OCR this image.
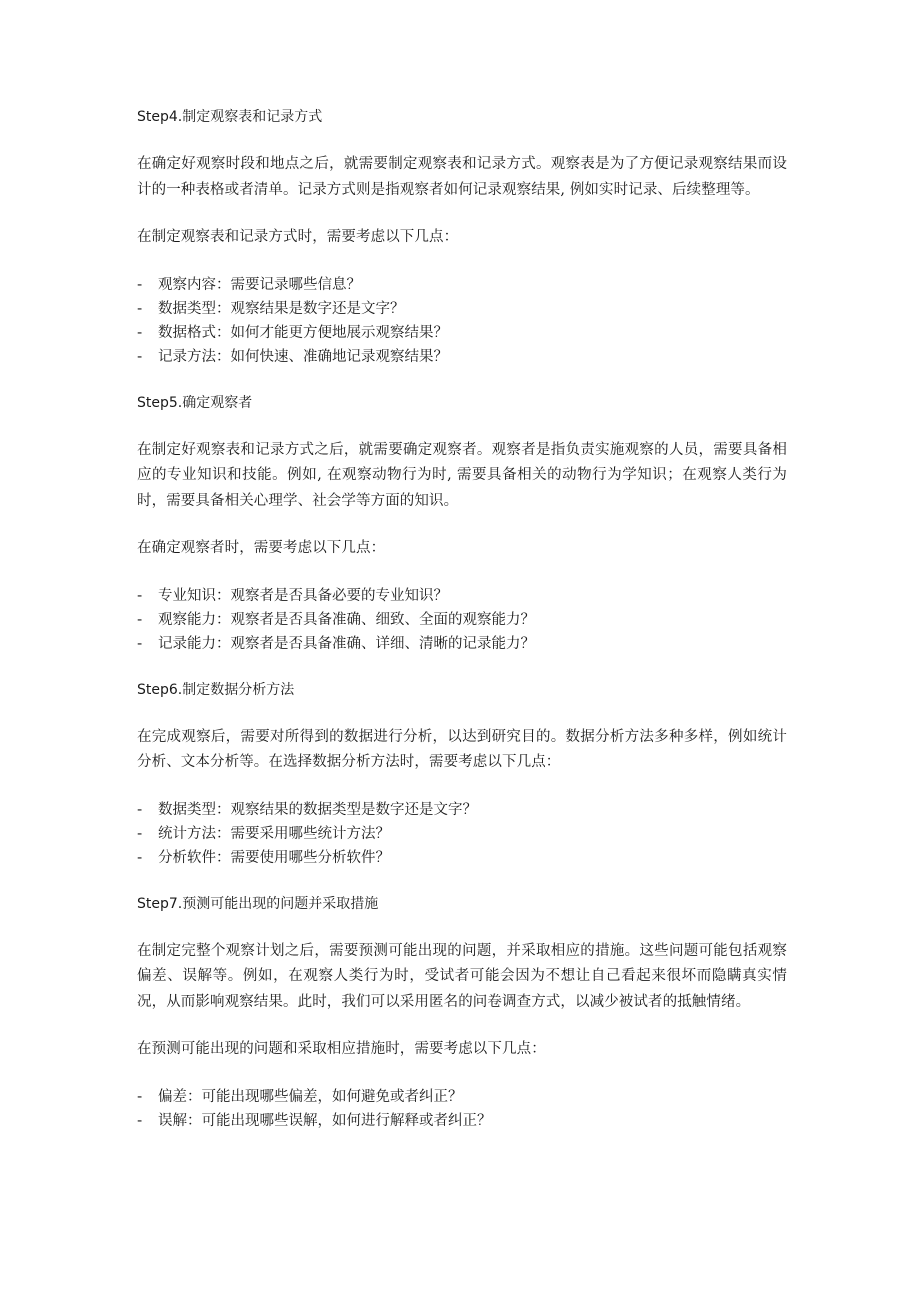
Step4.制定观察表和记录方式

在确定好观察时段和地点之后，就需要制定观察表和记录方式。观察表是为了方便记录观察结果而设计的一种表格或者清单。记录方式则是指观察者如何记录观察结果, 例如实时记录、后续整理等。

在制定观察表和记录方式时，需要考虑以下几点：

-	观察内容：需要记录哪些信息？
-	数据类型：观察结果是数字还是文字？
-	数据格式：如何才能更方便地展示观察结果？
-	记录方法：如何快速、准确地记录观察结果？
Step5.确定观察者

在制定好观察表和记录方式之后，就需要确定观察者。观察者是指负责实施观察的人员，需要具备相应的专业知识和技能。例如, 在观察动物行为时, 需要具备相关的动物行为学知识；在观察人类行为时，需要具备相关心理学、社会学等方面的知识。

在确定观察者时，需要考虑以下几点：

-	专业知识：观察者是否具备必要的专业知识？
-	观察能力：观察者是否具备准确、细致、全面的观察能力？
-	记录能力：观察者是否具备准确、详细、清晰的记录能力？
Step6.制定数据分析方法

在完成观察后，需要对所得到的数据进行分析，以达到研究目的。数据分析方法多种多样，例如统计分析、文本分析等。在选择数据分析方法时，需要考虑以下几点：

-	数据类型：观察结果的数据类型是数字还是文字？
-	统计方法：需要采用哪些统计方法？
-	分析软件：需要使用哪些分析软件？
Step7.预测可能出现的问题并采取措施

在制定完整个观察计划之后，需要预测可能出现的问题，并采取相应的措施。这些问题可能包括观察偏差、误解等。例如，在观察人类行为时，受试者可能会因为不想让自己看起来很坏而隐瞒真实情况，从而影响观察结果。此时，我们可以采用匿名的问卷调查方式，以减少被试者的抵触情绪。

在预测可能出现的问题和采取相应措施时，需要考虑以下几点：

-	偏差：可能出现哪些偏差，如何避免或者纠正？
-	误解：可能出现哪些误解，如何进行解释或者纠正？
